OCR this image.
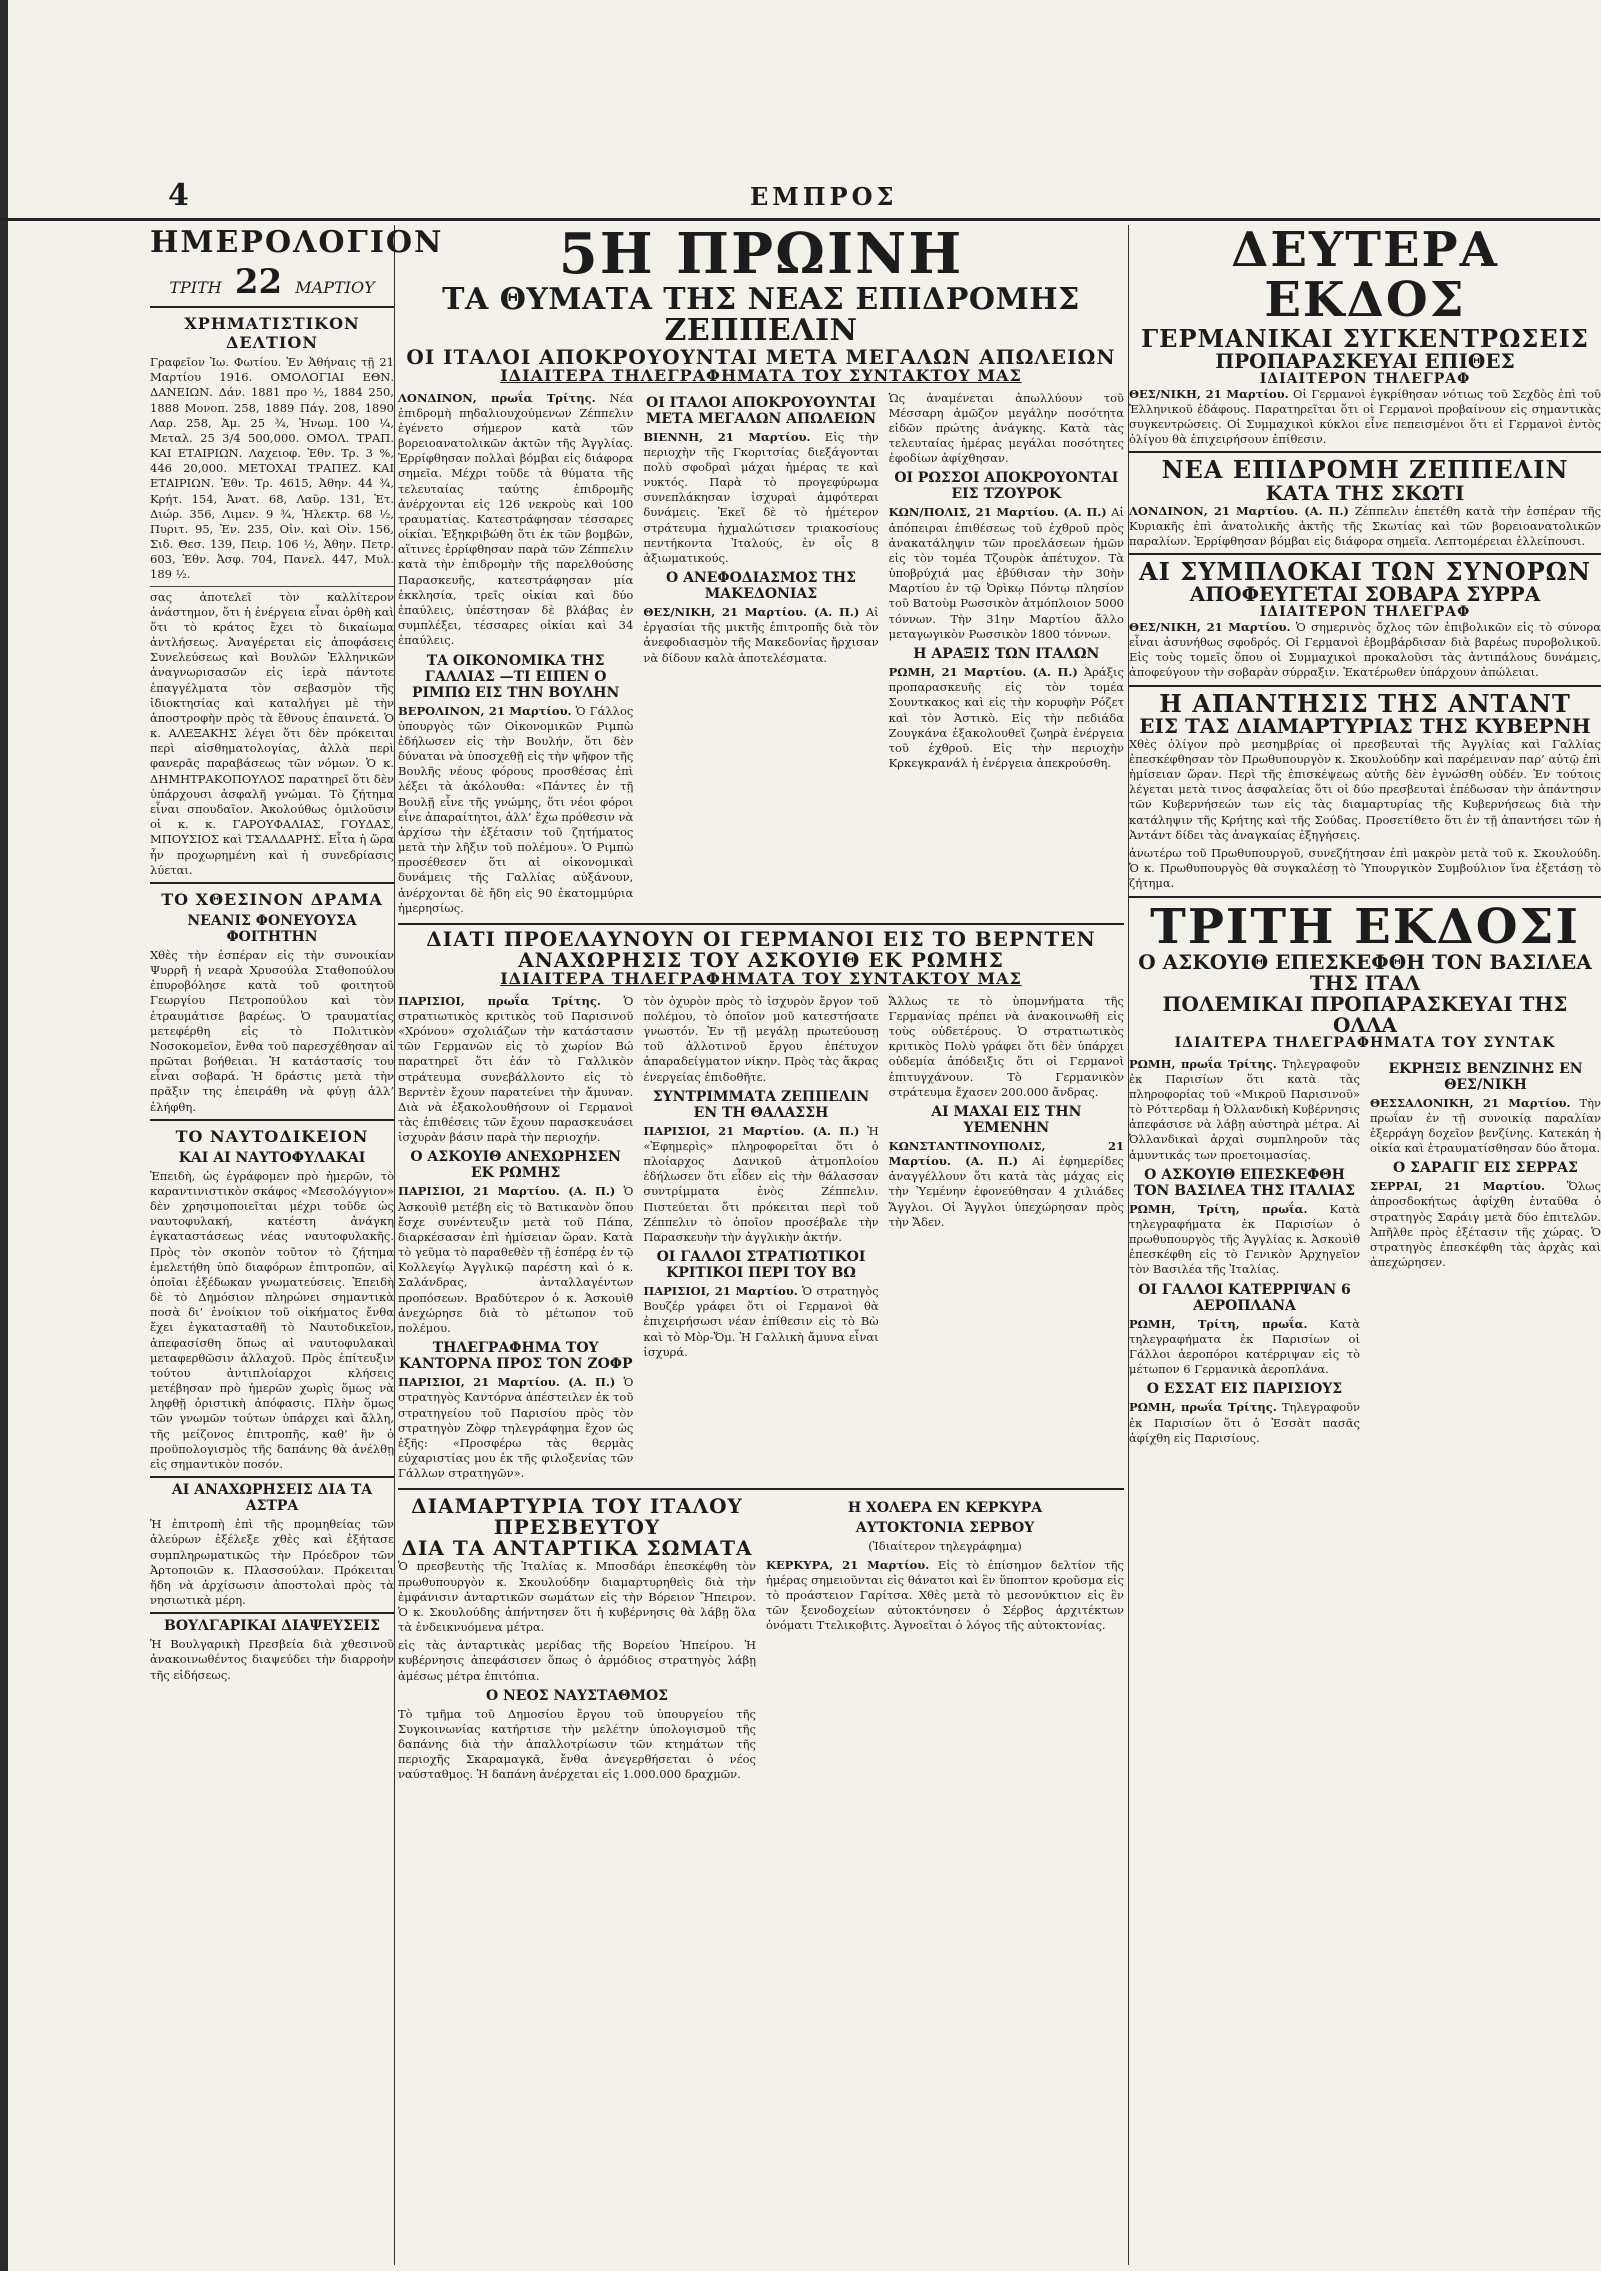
4	ΕΜΠΡΟΣ
ΗΜΕΡΟΛΟΓΙΟΝ
ΤΡΙΤΗ 22 ΜΑΡΤΙΟΥ
ΧΡΗΜΑΤΙΣΤΙΚΟΝ ΔΕΛΤΙΟΝ

Γραφεῖον Ἰω. Φωτίου. Ἐν Ἀθήναις τῇ 21 Μαρτίου 1916. ΟΜΟΛΟΓΙΑΙ ΕΘΝ. ΔΑΝΕΙΩΝ. Δάν. 1881 προ ½, 1884 250, 1888 Μονοπ. 258, 1889 Πάγ. 208, 1890 Λαρ. 258, Ἀμ. 25 ¾, Ἠνωμ. 100 ¼, Μεταλ. 25 3/4 500,000. ΟΜΟΛ. ΤΡΑΠ. ΚΑΙ ΕΤΑΙΡΙΩΝ. Λαχειοφ. Ἐθν. Τρ. 3 %, 446 20,000. ΜΕΤΟΧΑΙ ΤΡΑΠΕΖ. ΚΑΙ ΕΤΑΙΡΙΩΝ. Ἐθν. Τρ. 4615, Ἀθην. 44 ¾, Κρήτ. 154, Ἀνατ. 68, Λαῦρ. 131, Ἐτ. Διώρ. 356, Λιμεν. 9 ¾, Ἠλεκτρ. 68 ½, Πυριτ. 95, Ἐν. 235, Οἰν. καὶ Οἰν. 156, Σιδ. Θεσ. 139, Πειρ. 106 ½, Ἀθην. Πετρ. 603, Ἐθν. Ἀσφ. 704, Πανελ. 447, Μυλ. 189 ½.

σας ἀποτελεῖ τὸν καλλίτερον ἀνάστημον, ὅτι ἡ ἐνέργεια εἶναι ὀρθὴ καὶ ὅτι τὸ κράτος ἔχει τὸ δικαίωμα ἀντλήσεως. Ἀναγέρεται εἰς ἀποφάσεις Συνελεύσεως καὶ Βουλῶν Ἑλληνικῶν ἀναγνωρισασῶν εἰς ἱερὰ πάντοτε ἐπαγγέλματα τὸν σεβασμὸν τῆς ἰδιοκτησίας καὶ καταλήγει μὲ τὴν ἀποστροφὴν πρὸς τὰ ἔθνους ἐπαινετά. Ὁ κ. ΑΛΕΞΑΚΗΣ λέγει ὅτι δὲν πρόκειται περὶ αἰσθηματολογίας, ἀλλὰ περὶ φανερᾶς παραβάσεως τῶν νόμων. Ὁ κ. ΔΗΜΗΤΡΑΚΟΠΟΥΛΟΣ παρατηρεῖ ὅτι δὲν ὑπάρχουσι ἀσφαλῆ γνώμαι. Τὸ ζήτημα εἶναι σπουδαῖον. Ἀκολούθως ὁμιλοῦσιν οἱ κ. κ. ΓΑΡΟΥΦΑΛΙΑΣ, ΓΟΥΔΑΣ, ΜΠΟΥΣΙΟΣ καὶ ΤΣΑΛΔΑΡΗΣ. Εἶτα ἡ ὥρα ἦν προχωρημένη καὶ ἡ συνεδρίασις λύεται.

ΤΟ ΧΘΕΣΙΝΟΝ ΔΡΑΜΑ
ΝΕΑΝΙΣ ΦΟΝΕΥΟΥΣΑ ΦΟΙΤΗΤΗΝ

Χθὲς τὴν ἑσπέραν εἰς τὴν συνοικίαν Ψυρρῆ ἡ νεαρὰ Χρυσούλα Σταθοπούλου ἐπυροβόλησε κατὰ τοῦ φοιτητοῦ Γεωργίου Πετροπούλου καὶ τὸν ἐτραυμάτισε βαρέως. Ὁ τραυματίας μετεφέρθη εἰς τὸ Πολιτικὸν Νοσοκομεῖον, ἔνθα τοῦ παρεσχέθησαν αἱ πρῶται βοήθειαι. Ἡ κατάστασίς του εἶναι σοβαρά. Ἡ δράστις μετὰ τὴν πρᾶξιν της ἐπειράθη νὰ φύγῃ ἀλλ’ ἐλήφθη.

ΤΟ ΝΑΥΤΟΔΙΚΕΙΟΝ
ΚΑΙ ΑΙ ΝΑΥΤΟΦΥΛΑΚΑΙ

Ἐπειδὴ, ὡς ἐγράφομεν πρὸ ἡμερῶν, τὸ καραντινιστικὸν σκάφος «Μεσολόγγιον» δὲν χρησιμοποιεῖται μέχρι τοῦδε ὡς ναυτοφυλακή, κατέστη ἀνάγκη ἐγκαταστάσεως νέας ναυτοφυλακῆς. Πρὸς τὸν σκοπὸν τοῦτον τὸ ζήτημα ἐμελετήθη ὑπὸ διαφόρων ἐπιτροπῶν, αἱ ὁποῖαι ἐξέδωκαν γνωματεύσεις. Ἐπειδὴ δὲ τὸ Δημόσιον πληρώνει σημαντικὰ ποσὰ δι’ ἐνοίκιον τοῦ οἰκήματος ἔνθα ἔχει ἐγκατασταθῆ τὸ Ναυτοδικεῖον, ἀπεφασίσθη ὅπως αἱ ναυτοφυλακαὶ μεταφερθῶσιν ἀλλαχοῦ. Πρὸς ἐπίτευξιν τούτου ἀντιπλοίαρχοι κλήσεις μετέβησαν πρὸ ἡμερῶν χωρὶς ὅμως νὰ ληφθῇ ὁριστικὴ ἀπόφασις. Πλὴν ὅμως τῶν γνωμῶν τούτων ὑπάρχει καὶ ἄλλη, τῆς μείζονος ἐπιτροπῆς, καθ’ ἣν ὁ προϋπολογισμὸς τῆς δαπάνης θὰ ἀνέλθῃ εἰς σημαντικὸν ποσόν.

ΑΙ ΑΝΑΧΩΡΗΣΕΙΣ ΔΙΑ ΤΑ ΑΣΤΡΑ

Ἡ ἐπιτροπὴ ἐπὶ τῆς προμηθείας τῶν ἀλεύρων ἐξέλεξε χθὲς καὶ ἐξήτασε συμπληρωματικῶς τὴν Πρόεδρον τῶν Ἀρτοποιῶν κ. Πλασσούλαν. Πρόκειται ἤδη νὰ ἀρχίσωσιν ἀποστολαὶ πρὸς τὰ νησιωτικὰ μέρη.

ΒΟΥΛΓΑΡΙΚΑΙ ΔΙΑΨΕΥΣΕΙΣ

Ἡ Βουλγαρικὴ Πρεσβεία διὰ χθεσινοῦ ἀνακοινωθέντος διαψεύδει τὴν διαρροὴν τῆς εἰδήσεως.

5Η ΠΡΩΙΝΗ
ΤΑ ΘΥΜΑΤΑ ΤΗΣ ΝΕΑΣ ΕΠΙΔΡΟΜΗΣ ΖΕΠΠΕΛΙΝ
ΟΙ ΙΤΑΛΟΙ ΑΠΟΚΡΟΥΟΥΝΤΑΙ ΜΕΤΑ ΜΕΓΑΛΩΝ ΑΠΩΛΕΙΩΝ
ΙΔΙΑΙΤΕΡΑ ΤΗΛΕΓΡΑΦΗΜΑΤΑ ΤΟΥ ΣΥΝΤΑΚΤΟΥ ΜΑΣ

ΛΟΝΔΙΝΟΝ, πρωΐα Τρίτης. Νέα ἐπιδρομὴ πηδαλιουχούμενων Ζέππελιν ἐγένετο σήμερον κατὰ τῶν βορειοανατολικῶν ἀκτῶν τῆς Ἀγγλίας. Ἐρρίφθησαν πολλαὶ βόμβαι εἰς διάφορα σημεῖα. Μέχρι τοῦδε τὰ θύματα τῆς τελευταίας ταύτης ἐπιδρομῆς ἀνέρχονται εἰς 126 νεκροὺς καὶ 100 τραυματίας. Κατεστράφησαν τέσσαρες οἰκίαι. Ἐξηκριβώθη ὅτι ἐκ τῶν βομβῶν, αἵτινες ἐρρίφθησαν παρὰ τῶν Ζέππελιν κατὰ τὴν ἐπιδρομὴν τῆς παρελθούσης Παρασκευῆς, κατεστράφησαν μία ἐκκλησία, τρεῖς οἰκίαι καὶ δύο ἐπαύλεις, ὑπέστησαν δὲ βλάβας ἐν συμπλέξει, τέσσαρες οἰκίαι καὶ 34 ἐπαύλεις.

ΤΑ ΟΙΚΟΝΟΜΙΚΑ ΤΗΣ ΓΑΛΛΙΑΣ —ΤΙ ΕΙΠΕΝ Ο ΡΙΜΠΩ ΕΙΣ ΤΗΝ ΒΟΥΛΗΝ

ΒΕΡΟΛΙΝΟΝ, 21 Μαρτίου. Ὁ Γάλλος ὑπουργὸς τῶν Οἰκονομικῶν Ριμπὼ ἐδήλωσεν εἰς τὴν Βουλήν, ὅτι δὲν δύναται νὰ ὑποσχεθῇ εἰς τὴν ψῆφον τῆς Βουλῆς νέους φόρους προσθέσας ἐπὶ λέξει τὰ ἀκόλουθα: «Πάντες ἐν τῇ Βουλῇ εἶνε τῆς γνώμης, ὅτι νέοι φόροι εἶνε ἀπαραίτητοι, ἀλλ’ ἔχω πρόθεσιν νὰ ἀρχίσω τὴν ἐξέτασιν τοῦ ζητήματος μετὰ τὴν λῆξιν τοῦ πολέμου». Ὁ Ριμπὼ προσέθεσεν ὅτι αἱ οἰκονομικαὶ δυνάμεις τῆς Γαλλίας αὐξάνουν, ἀνέρχονται δὲ ἤδη εἰς 90 ἑκατομμύρια ἡμερησίως.

ΟΙ ΙΤΑΛΟΙ ΑΠΟΚΡΟΥΟΥΝΤΑΙ ΜΕΤΑ ΜΕΓΑΛΩΝ ΑΠΩΛΕΙΩΝ

ΒΙΕΝΝΗ, 21 Μαρτίου. Εἰς τὴν περιοχὴν τῆς Γκοριτσίας διεξάγονται πολὺ σφοδραὶ μάχαι ἡμέρας τε καὶ νυκτός. Παρὰ τὸ προγεφύρωμα συνεπλάκησαν ἰσχυραὶ ἀμφότεραι δυνάμεις. Ἐκεῖ δὲ τὸ ἡμέτερον στράτευμα ἠχμαλώτισεν τριακοσίους πεντήκοντα Ἰταλούς, ἐν οἷς 8 ἀξιωματικούς.

Ο ΑΝΕΦΟΔΙΑΣΜΟΣ ΤΗΣ ΜΑΚΕΔΟΝΙΑΣ

ΘΕΣ/ΝΙΚΗ, 21 Μαρτίου. (Α. Π.) Αἱ ἐργασίαι τῆς μικτῆς ἐπιτροπῆς διὰ τὸν ἀνεφοδιασμὸν τῆς Μακεδονίας ἤρχισαν νὰ δίδουν καλὰ ἀποτελέσματα.

Ὡς ἀναμένεται ἀπωλλύουν τοῦ Μέσσαρη ἀμῶζον μεγάλην ποσότητα εἰδῶν πρώτης ἀνάγκης. Κατὰ τὰς τελευταίας ἡμέρας μεγάλαι ποσότητες ἐφοδίων ἀφίχθησαν.

ΟΙ ΡΩΣΣΟΙ ΑΠΟΚΡΟΥΟΝΤΑΙ ΕΙΣ ΤΖΟΥΡΟΚ

ΚΩΝ/ΠΟΛΙΣ, 21 Μαρτίου. (Α. Π.) Αἱ ἀπόπειραι ἐπιθέσεως τοῦ ἐχθροῦ πρὸς ἀνακατάληψιν τῶν προελάσεων ἡμῶν εἰς τὸν τομέα Τζουρὸκ ἀπέτυχον. Τὰ ὑποβρύχιά μας ἐβύθισαν τὴν 30ὴν Μαρτίου ἐν τῷ Ὀρὶκῳ Πόντῳ πλησίον τοῦ Βατοὺμ Ρωσσικὸν ἀτμόπλοιον 5000 τόννων. Τὴν 31ην Μαρτίου ἄλλο μεταγωγικὸν Ρωσσικὸν 1800 τόννων.

Η ΑΡΑΞΙΣ ΤΩΝ ΙΤΑΛΩΝ

ΡΩΜΗ, 21 Μαρτίου. (Α. Π.) Ἀράξις προπαρασκευῆς εἰς τὸν τομέα Σουντκακος καὶ εἰς τὴν κορυφὴν Ρόζετ καὶ τὸν Ἀστικὸ. Εἰς τὴν πεδιάδα Ζουγκάνα ἐξακολουθεῖ ζωηρὰ ἐνέργεια τοῦ ἐχθροῦ. Εἰς τὴν περιοχὴν Κρκεγκρανάλ ἡ ἐνέργεια ἀπεκρούσθη.

ΔΙΑΤΙ ΠΡΟΕΛΑΥΝΟΥΝ ΟΙ ΓΕΡΜΑΝΟΙ ΕΙΣ ΤΟ ΒΕΡΝΤΕΝ
ΑΝΑΧΩΡΗΣΙΣ ΤΟΥ ΑΣΚΟΥΙΘ ΕΚ ΡΩΜΗΣ
ΙΔΙΑΙΤΕΡΑ ΤΗΛΕΓΡΑΦΗΜΑΤΑ ΤΟΥ ΣΥΝΤΑΚΤΟΥ ΜΑΣ

ΠΑΡΙΣΙΟΙ, πρωΐα Τρίτης. Ὁ στρατιωτικὸς κριτικὸς τοῦ Παρισινοῦ «Χρόνου» σχολιάζων τὴν κατάστασιν τῶν Γερμανῶν εἰς τὸ χωρίον Βώ παρατηρεῖ ὅτι ἐάν τὸ Γαλλικὸν στράτευμα συνεβάλλοντο εἰς τὸ Βερντὲν ἔχουν παρατείνει τὴν ἄμυναν. Διὰ νὰ ἐξακολουθήσουν οἱ Γερμανοὶ τὰς ἐπιθέσεις τῶν ἔχουν παρασκευάσει ἰσχυρὰν βάσιν παρὰ τὴν περιοχήν.

Ο ΑΣΚΟΥΙΘ ΑΝΕΧΩΡΗΣΕΝ ΕΚ ΡΩΜΗΣ

ΠΑΡΙΣΙΟΙ, 21 Μαρτίου. (Α. Π.) Ὁ Ἀσκουὶθ μετέβη εἰς τὸ Βατικανὸν ὅπου ἔσχε συνέντευξιν μετὰ τοῦ Πάπα, διαρκέσασαν ἐπὶ ἡμίσειαν ὥραν. Κατὰ τὸ γεῦμα τὸ παραθεθὲν τῇ ἑσπέρᾳ ἐν τῷ Κολλεγίῳ Ἀγγλικῷ παρέστη καὶ ὁ κ. Σαλάνδρας, ἀνταλλαγέντων προπόσεων. Βραδύτερον ὁ κ. Ἀσκουὶθ ἀνεχώρησε διὰ τὸ μέτωπον τοῦ πολέμου.

ΤΗΛΕΓΡΑΦΗΜΑ ΤΟΥ ΚΑΝΤΟΡΝΑ ΠΡΟΣ ΤΟΝ ΖΟΦΡ

ΠΑΡΙΣΙΟΙ, 21 Μαρτίου. (Α. Π.) Ὁ στρατηγὸς Καντόρνα ἀπέστειλεν ἐκ τοῦ στρατηγείου τοῦ Παρισίου πρὸς τὸν στρατηγὸν Ζὸφρ τηλεγράφημα ἔχον ὡς ἑξῆς: «Προσφέρω τὰς θερμὰς εὐχαριστίας μου ἐκ τῆς φιλοξενίας τῶν Γάλλων στρατηγῶν».

τὸν ὀχυρὸν πρὸς τὸ ἰσχυρὸν ἔργον τοῦ πολέμου, τὸ ὁποῖον μοῦ κατεστήσατε γνωστόν. Ἐν τῇ μεγάλῃ πρωτεύουσῃ τοῦ ἀλλοτινοῦ ἔργου ἐπέτυχον ἀπαραδείγματον νίκην. Πρὸς τὰς ἄκρας ἐνεργείας ἐπιδοθῆτε.

ΣΥΝΤΡΙΜΜΑΤΑ ΖΕΠΠΕΛΙΝ ΕΝ ΤΗ ΘΑΛΑΣΣΗ

ΠΑΡΙΣΙΟΙ, 21 Μαρτίου. (Α. Π.) Ἡ «Ἐφημερὶς» πληροφορεῖται ὅτι ὁ πλοίαρχος Δανικοῦ ἀτμοπλοίου ἐδήλωσεν ὅτι εἶδεν εἰς τὴν θάλασσαν συντρίμματα ἑνὸς Ζέππελιν. Πιστεύεται ὅτι πρόκειται περὶ τοῦ Ζέππελιν τὸ ὁποῖον προσέβαλε τὴν Παρασκευὴν τὴν ἀγγλικὴν ἀκτήν.

ΟΙ ΓΑΛΛΟΙ ΣΤΡΑΤΙΩΤΙΚΟΙ ΚΡΙΤΙΚΟΙ ΠΕΡΙ ΤΟΥ ΒΩ

ΠΑΡΙΣΙΟΙ, 21 Μαρτίου. Ὁ στρατηγὸς Βουζέρ γράφει ὅτι οἱ Γερμανοὶ θὰ ἐπιχειρήσωσι νέαν ἐπίθεσιν εἰς τὸ Βὼ καὶ τὸ Μὸρ-Ὄμ. Ἡ Γαλλικὴ ἄμυνα εἶναι ἰσχυρά.

Ἄλλως τε τὸ ὑπομνήματα τῆς Γερμανίας πρέπει νὰ ἀνακοινωθῆ εἰς τοὺς οὐδετέρους. Ὁ στρατιωτικὸς κριτικὸς Πολὺ γράφει ὅτι δὲν ὑπάρχει οὐδεμία ἀπόδειξις ὅτι οἱ Γερμανοὶ ἐπιτυγχάνουν. Τὸ Γερμανικὸν στράτευμα ἔχασεν 200.000 ἄνδρας.

ΑΙ ΜΑΧΑΙ ΕΙΣ ΤΗΝ ΥΕΜΕΝΗΝ

ΚΩΝΣΤΑΝΤΙΝΟΥΠΟΛΙΣ, 21 Μαρτίου. (Α. Π.) Αἱ ἐφημερίδες ἀναγγέλλουν ὅτι κατὰ τὰς μάχας εἰς τὴν Ὑεμένην ἐφονεύθησαν 4 χιλιάδες Ἄγγλοι. Οἱ Ἄγγλοι ὑπεχώρησαν πρὸς τὴν Ἄδεν.

ΔΙΑΜΑΡΤΥΡΙΑ ΤΟΥ ΙΤΑΛΟΥ ΠΡΕΣΒΕΥΤΟΥ
ΔΙΑ ΤΑ ΑΝΤΑΡΤΙΚΑ ΣΩΜΑΤΑ

Ὁ πρεσβευτὴς τῆς Ἰταλίας κ. Μποσδάρι ἐπεσκέφθη τὸν πρωθυπουργὸν κ. Σκουλούδην διαμαρτυρηθεὶς διὰ τὴν ἐμφάνισιν ἀνταρτικῶν σωμάτων εἰς τὴν Βόρειον Ἤπειρον. Ὁ κ. Σκουλούδης ἀπήντησεν ὅτι ἡ κυβέρνησις θὰ λάβῃ ὅλα τὰ ἐνδεικνυόμενα μέτρα.

εἰς τὰς ἀνταρτικὰς μερίδας τῆς Βορείου Ἠπείρου. Ἡ κυβέρνησις ἀπεφάσισεν ὅπως ὁ ἀρμόδιος στρατηγὸς λάβῃ ἀμέσως μέτρα ἐπιτόπια.

Ο ΝΕΟΣ ΝΑΥΣΤΑΘΜΟΣ

Τὸ τμῆμα τοῦ Δημοσίου ἔργου τοῦ ὑπουργείου τῆς Συγκοινωνίας κατήρτισε τὴν μελέτην ὑπολογισμοῦ τῆς δαπάνης διὰ τὴν ἀπαλλοτρίωσιν τῶν κτημάτων τῆς περιοχῆς Σκαραμαγκᾶ, ἔνθα ἀνεγερθήσεται ὁ νέος ναύσταθμος. Ἡ δαπάνη ἀνέρχεται εἰς 1.000.000 δραχμῶν.

Η ΧΟΛΕΡΑ ΕΝ ΚΕΡΚΥΡΑ
ΑΥΤΟΚΤΟΝΙΑ ΣΕΡΒΟΥ
(Ἰδιαίτερον τηλεγράφημα)

ΚΕΡΚΥΡΑ, 21 Μαρτίου. Εἰς τὸ ἐπίσημον δελτίον τῆς ἡμέρας σημειοῦνται εἰς θάνατοι καὶ ἓν ὕποπτον κροῦσμα εἰς τὸ προάστειον Γαρίτσα. Χθὲς μετὰ τὸ μεσονύκτιον εἰς ἓν τῶν ξενοδοχείων αὐτοκτόνησεν ὁ Σέρβος ἀρχιτέκτων ὀνόματι Ττελικοβιτς. Ἀγνοεῖται ὁ λόγος τῆς αὐτοκτονίας.

ΔΕΥΤΕΡΑ ΕΚΔΟΣ
ΓΕΡΜΑΝΙΚΑΙ ΣΥΓΚΕΝΤΡΩΣΕΙΣ
ΠΡΟΠΑΡΑΣΚΕΥΑΙ ΕΠΙΘΕΣ
ΙΔΙΑΙΤΕΡΟΝ ΤΗΛΕΓΡΑΦ

ΘΕΣ/ΝΙΚΗ, 21 Μαρτίου. Οἱ Γερμανοὶ ἐγκρίθησαν νότιως τοῦ Σεχδὸς ἐπὶ τοῦ Ἑλληνικοῦ ἐδάφους. Παρατηρεῖται ὅτι οἱ Γερμανοὶ προβαίνουν εἰς σημαντικὰς συγκεντρώσεις. Οἱ Συμμαχικοὶ κύκλοι εἶνε πεπεισμένοι ὅτι εἰ Γερμανοὶ ἐντὸς ὀλίγου θὰ ἐπιχειρήσουν ἐπίθεσιν.

ΝΕΑ ΕΠΙΔΡΟΜΗ ΖΕΠΠΕΛΙΝ
ΚΑΤΑ ΤΗΣ ΣΚΩΤΙ

ΛΟΝΔΙΝΟΝ, 21 Μαρτίου. (Α. Π.) Ζέππελιν ἐπετέθη κατὰ τὴν ἑσπέραν τῆς Κυριακῆς ἐπὶ ἀνατολικῆς ἀκτῆς τῆς Σκωτίας καὶ τῶν βορειοανατολικῶν παραλίων. Ἐρρίφθησαν βόμβαι εἰς διάφορα σημεῖα. Λεπτομέρειαι ἐλλείπουσι.

ΑΙ ΣΥΜΠΛΟΚΑΙ ΤΩΝ ΣΥΝΟΡΩΝ
ΑΠΟΦΕΥΓΕΤΑΙ ΣΟΒΑΡΑ ΣΥΡΡΑ
ΙΔΙΑΙΤΕΡΟΝ ΤΗΛΕΓΡΑΦ

ΘΕΣ/ΝΙΚΗ, 21 Μαρτίου. Ὁ σημερινὸς ὄχλος τῶν ἐπιβολικῶν εἰς τὸ σύνορα εἶναι ἀσυνήθως σφοδρός. Οἱ Γερμανοὶ ἐβομβάρδισαν διὰ βαρέως πυροβολικοῦ. Εἰς τοὺς τομεῖς ὅπου οἱ Συμμαχικοὶ προκαλοῦσι τὰς ἀντιπάλους δυνάμεις, ἀποφεύγουν τὴν σοβαρὰν σύρραξιν. Ἑκατέρωθεν ὑπάρχουν ἀπώλειαι.

Η ΑΠΑΝΤΗΣΙΣ ΤΗΣ ΑΝΤΑΝΤ
ΕΙΣ ΤΑΣ ΔΙΑΜΑΡΤΥΡΙΑΣ ΤΗΣ ΚΥΒΕΡΝΗ

Χθὲς ὀλίγον πρὸ μεσημβρίας οἱ πρεσβευταὶ τῆς Ἀγγλίας καὶ Γαλλίας ἐπεσκέφθησαν τὸν Πρωθυπουργὸν κ. Σκουλούδην καὶ παρέμειναν παρ’ αὐτῷ ἐπὶ ἡμίσειαν ὥραν. Περὶ τῆς ἐπισκέψεως αὐτῆς δὲν ἐγνώσθη οὐδέν. Ἐν τούτοις λέγεται μετὰ τινος ἀσφαλείας ὅτι οἱ δύο πρεσβευταὶ ἐπέδωσαν τὴν ἀπάντησιν τῶν Κυβερνήσεών των εἰς τὰς διαμαρτυρίας τῆς Κυβερνήσεως διὰ τὴν κατάληψιν τῆς Κρήτης καὶ τῆς Σούδας. Προσετίθετο ὅτι ἐν τῇ ἀπαντήσει τῶν ἡ Ἀντάντ δίδει τὰς ἀναγκαίας ἐξηγήσεις.

ἀνωτέρω τοῦ Πρωθυπουργοῦ, συνεζήτησαν ἐπὶ μακρὸν μετὰ τοῦ κ. Σκουλούδη. Ὁ κ. Πρωθυπουργὸς θὰ συγκαλέσῃ τὸ Ὑπουργικὸν Συμβούλιον ἵνα ἐξετάσῃ τὸ ζήτημα.

ΤΡΙΤΗ ΕΚΔΟΣΙ
Ο ΑΣΚΟΥΙΘ ΕΠΕΣΚΕΦΘΗ ΤΟΝ ΒΑΣΙΛΕΑ ΤΗΣ ΙΤΑΛ
ΠΟΛΕΜΙΚΑΙ ΠΡΟΠΑΡΑΣΚΕΥΑΙ ΤΗΣ ΟΛΛΑ
ΙΔΙΑΙΤΕΡΑ ΤΗΛΕΓΡΑΦΗΜΑΤΑ ΤΟΥ ΣΥΝΤΑΚ

ΡΩΜΗ, πρωΐα Τρίτης. Τηλεγραφοῦν ἐκ Παρισίων ὅτι κατὰ τὰς πληροφορίας τοῦ «Μικροῦ Παρισινοῦ» τὸ Ρόττερδαμ ἡ Ὀλλανδικὴ Κυβέρνησις ἀπεφάσισε νὰ λάβῃ αὐστηρὰ μέτρα. Αἱ Ὀλλανδικαὶ ἀρχαὶ συμπληροῦν τὰς ἀμυντικάς των προετοιμασίας.

Ο ΑΣΚΟΥΙΘ ΕΠΕΣΚΕΦΘΗ ΤΟΝ ΒΑΣΙΛΕΑ ΤΗΣ ΙΤΑΛΙΑΣ

ΡΩΜΗ, Τρίτη, πρωΐα. Κατὰ τηλεγραφήματα ἐκ Παρισίων ὁ πρωθυπουργὸς τῆς Ἀγγλίας κ. Ἀσκουὶθ ἐπεσκέφθη εἰς τὸ Γενικὸν Ἀρχηγεῖον τὸν Βασιλέα τῆς Ἰταλίας.

ΟΙ ΓΑΛΛΟΙ ΚΑΤΕΡΡΙΨΑΝ 6 ΑΕΡΟΠΛΑΝΑ

ΡΩΜΗ, Τρίτη, πρωΐα. Κατὰ τηλεγραφήματα ἐκ Παρισίων οἱ Γάλλοι ἀεροπόροι κατέρριψαν εἰς τὸ μέτωπον 6 Γερμανικὰ ἀεροπλάνα.

Ο ΕΣΣΑΤ ΕΙΣ ΠΑΡΙΣΙΟΥΣ

ΡΩΜΗ, πρωΐα Τρίτης. Τηλεγραφοῦν ἐκ Παρισίων ὅτι ὁ Ἐσσὰτ πασᾶς ἀφίχθη εἰς Παρισίους.

ΕΚΡΗΞΙΣ ΒΕΝΖΙΝΗΣ ΕΝ ΘΕΣ/ΝΙΚΗ

ΘΕΣΣΑΛΟΝΙΚΗ, 21 Μαρτίου. Τὴν πρωΐαν ἐν τῇ συνοικίᾳ παραλίαν ἐξερράγη δοχεῖον βενζίνης. Κατεκάη ἡ οἰκία καὶ ἐτραυματίσθησαν δύο ἄτομα.

Ο ΣΑΡΑΓΙΓ ΕΙΣ ΣΕΡΡΑΣ

ΣΕΡΡΑΙ, 21 Μαρτίου. Ὅλως ἀπροσδοκήτως ἀφίχθη ἐνταῦθα ὁ στρατηγὸς Σαράιγ μετὰ δύο ἐπιτελῶν. Ἀπῆλθε πρὸς ἐξέτασιν τῆς χώρας. Ὁ στρατηγὸς ἐπεσκέφθη τὰς ἀρχὰς καὶ ἀπεχώρησεν.
